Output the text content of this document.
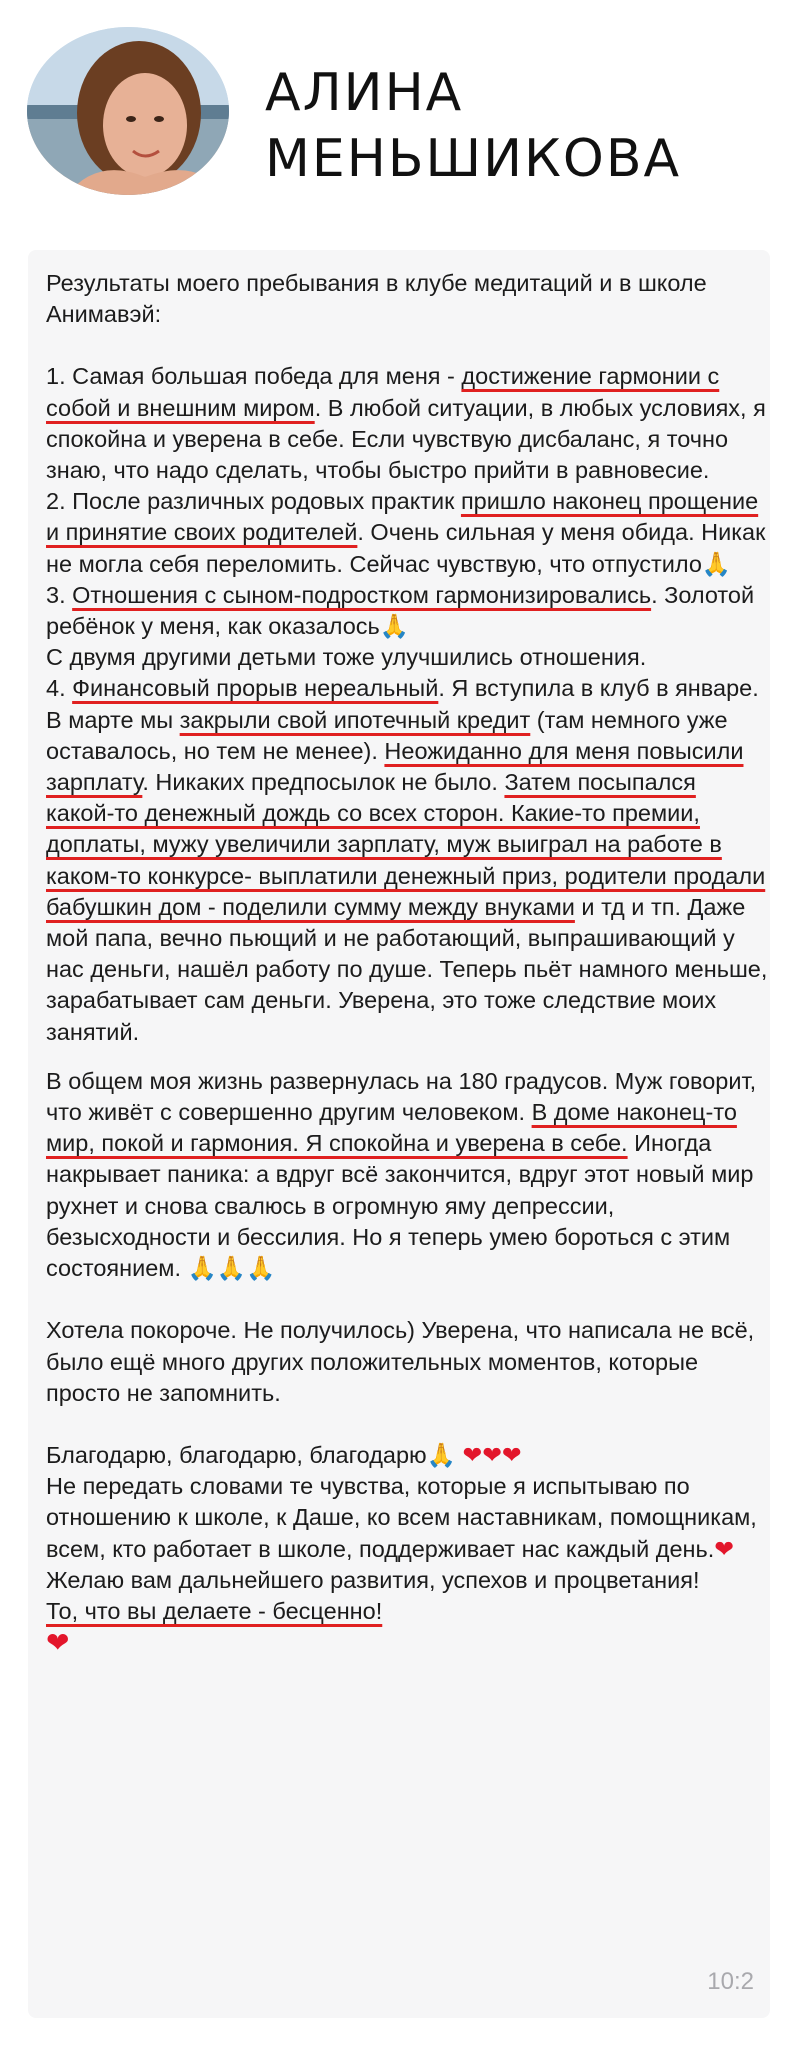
АЛИНА
МЕНЬШИКОВА

Результаты моего пребывания в клубе медитаций и в школе Анимавэй:

1. Самая большая победа для меня - достижение гармонии с собой и внешним миром. В любой ситуации, в любых условиях, я спокойна и уверена в себе. Если чувствую дисбаланс, я точно знаю, что надо сделать, чтобы быстро прийти в равновесие.

2. После различных родовых практик пришло наконец прощение и принятие своих родителей. Очень сильная у меня обида. Никак не могла себя переломить. Сейчас чувствую, что отпустило🙏

3. Отношения с сыном-подростком гармонизировались. Золотой ребёнок у меня, как оказалось🙏

С двумя другими детьми тоже улучшились отношения.

4. Финансовый прорыв нереальный. Я вступила в клуб в январе. В марте мы закрыли свой ипотечный кредит (там немного уже оставалось, но тем не менее). Неожиданно для меня повысили зарплату. Никаких предпосылок не было. Затем посыпался какой-то денежный дождь со всех сторон. Какие-то премии, доплаты, мужу увеличили зарплату, муж выиграл на работе в каком-то конкурсе- выплатили денежный приз, родители продали бабушкин дом - поделили сумму между внуками и тд и тп. Даже мой папа, вечно пьющий и не работающий, выпрашивающий у нас деньги, нашёл работу по душе. Теперь пьёт намного меньше, зарабатывает сам деньги. Уверена, это тоже следствие моих занятий.

В общем моя жизнь развернулась на 180 градусов. Муж говорит, что живёт с совершенно другим человеком. В доме наконец-то мир, покой и гармония. Я спокойна и уверена в себе. Иногда накрывает паника: а вдруг всё закончится, вдруг этот новый мир рухнет и снова свалюсь в огромную яму депрессии, безысходности и бессилия. Но я теперь умею бороться с этим состоянием. 🙏🙏🙏

Хотела покороче. Не получилось) Уверена, что написала не всё, было ещё много других положительных моментов, которые просто не запомнить.

Благодарю, благодарю, благодарю🙏 ❤❤❤

Не передать словами те чувства, которые я испытываю по отношению к школе, к Даше, ко всем наставникам, помощникам, всем, кто работает в школе, поддерживает нас каждый день.❤

Желаю вам дальнейшего развития, успехов и процветания!

То, что вы делаете - бесценно!

❤

10:2
